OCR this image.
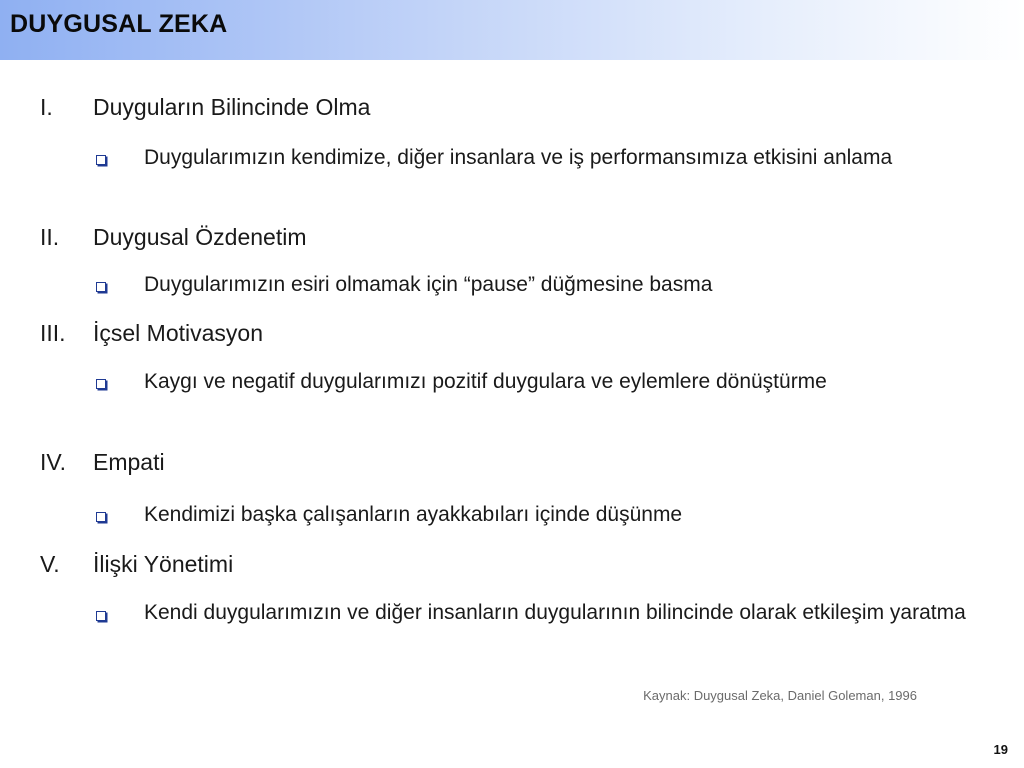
DUYGUSAL ZEKA
I. Duyguların Bilincinde Olma
Duygularımızın kendimize, diğer insanlara ve iş performansımıza etkisini anlama
II. Duygusal Özdenetim
Duygularımızın esiri olmamak için “pause” düğmesine basma
III. İçsel Motivasyon
Kaygı ve negatif duygularımızı pozitif duygulara ve eylemlere dönüştürme
IV. Empati
Kendimizi başka çalışanların ayakkabıları içinde düşünme
V. İlişki Yönetimi
Kendi duygularımızın ve diğer insanların duygularının bilincinde olarak etkileşim yaratma
Kaynak: Duygusal Zeka, Daniel Goleman, 1996
19
